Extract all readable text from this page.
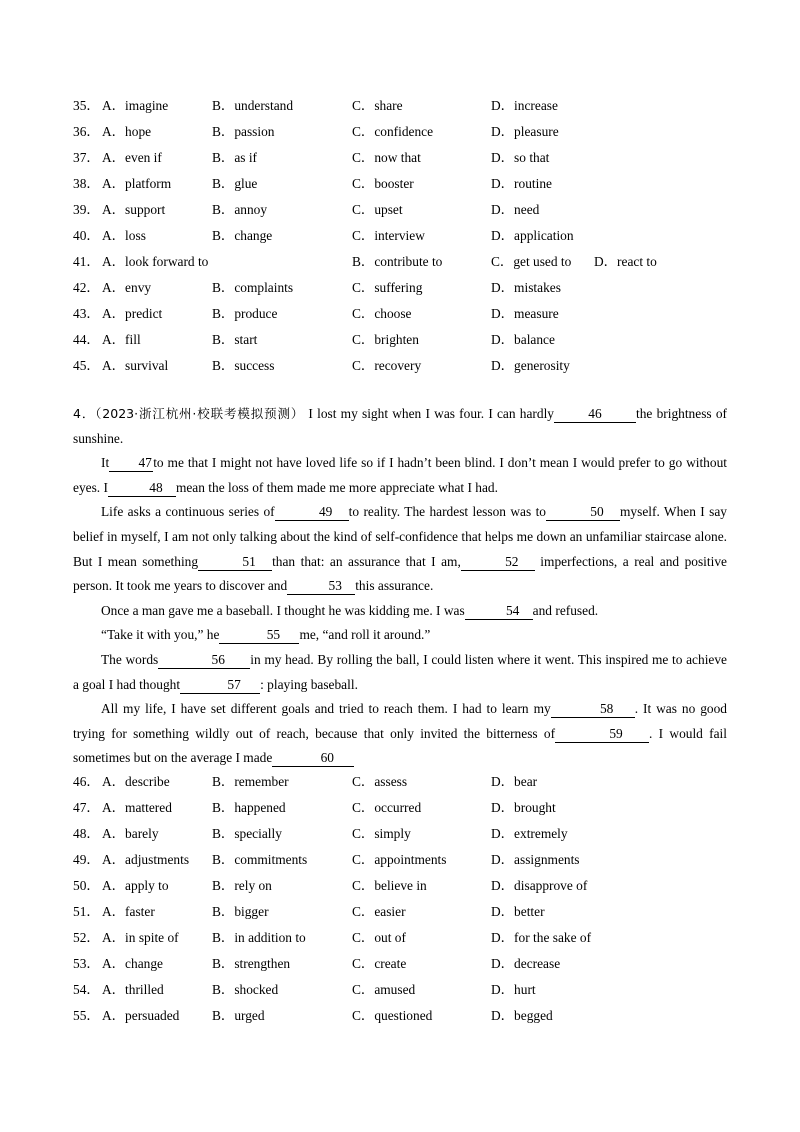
35． A．imagine	B．understand	C．share	D．increase
36． A．hope	B．passion	C．confidence	D．pleasure
37． A．even if	B．as if	C．now that	D．so that
38． A．platform	B．glue	C．booster	D．routine
39． A．support	B．annoy	C．upset	D．need
40． A．loss	B．change	C．interview	D．application
41． A．look forward to	B．contribute to	C．get used to D．react to
42． A．envy	B．complaints	C．suffering	D．mistakes
43． A．predict	B．produce	C．choose	D．measure
44． A．fill	B．start	C．brighten	D．balance
45． A．survival	B．success	C．recovery	D．generosity
4．（2023·浙江杭州·校联考模拟预测） I lost my sight when I was four. I can hardly	46	the brightness of sunshine.
It 47to me that I might not have loved life so if I hadn’t been blind. I don’t mean I would prefer to go without eyes. I	48 mean the loss of them made me more appreciate what I had.
Life asks a continuous series of	49 to reality. The hardest lesson was to	50 myself. When I say belief in myself, I am not only talking about the kind of self-confidence that helps me down an unfamiliar staircase alone. But I mean something	51 than that: an assurance that I am,	52 imperfections, a real and positive person. It took me years to discover and	53 this assurance.
Once a man gave me a baseball. I thought he was kidding me. I was	54 and refused.
“Take it with you,” he	55 me, “and roll it around.”
The words	56 in my head. By rolling the ball, I could listen where it went. This inspired me to achieve a goal I had thought	57 : playing baseball.
All my life, I have set different goals and tried to reach them. I had to learn my	58 . It was no good trying for something wildly out of reach, because that only invited the bitterness of	59 . I would fail sometimes but on the average I made	60
46． A．describe	B．remember	C．assess	D．bear
47． A．mattered	B．happened	C．occurred	D．brought
48． A．barely	B．specially	C．simply	D．extremely
49． A．adjustments B．commitments	C．appointments	D．assignments
50． A．apply to	B．rely on	C．believe in	D．disapprove of
51． A．faster	B．bigger	C．easier	D．better
52． A．in spite of B．in addition to	C．out of	D．for the sake of
53． A．change	B．strengthen	C．create	D．decrease
54． A．thrilled	B．shocked	C．amused	D．hurt
55． A．persuaded B．urged	C．questioned	D．begged
